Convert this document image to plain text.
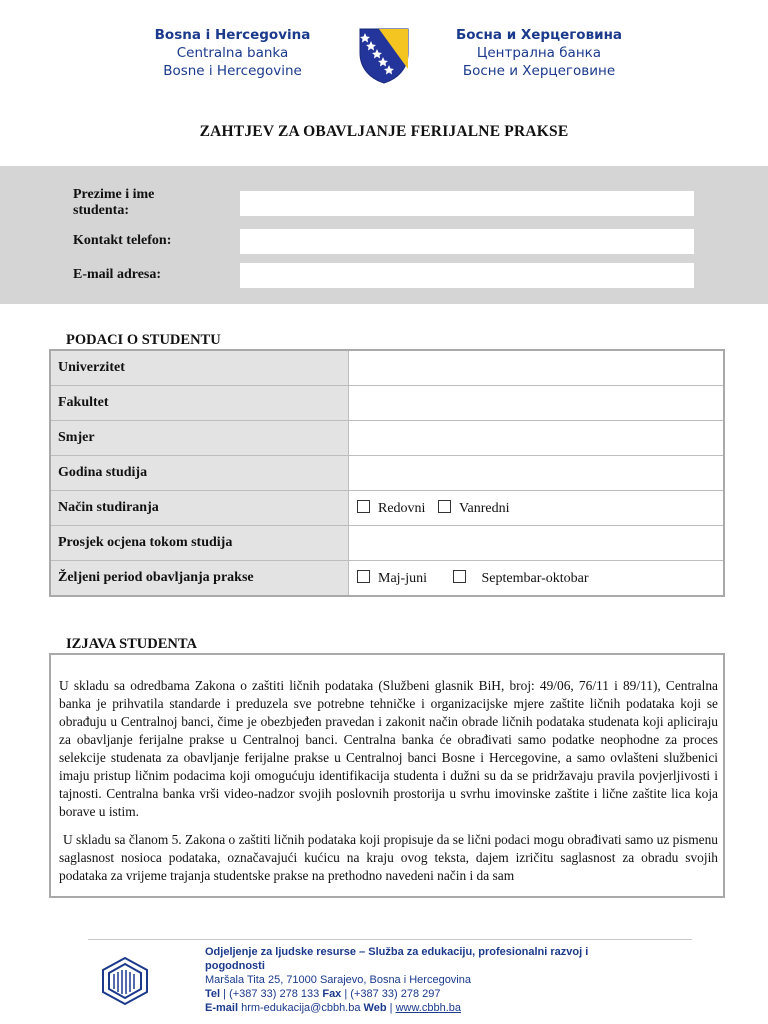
Bosna i Hercegovina
Centralna banka
Bosne i Hercegovine
Босна и Херцеговина
Централна банка
Босне и Херцеговине
ZAHTJEV ZA OBAVLJANJE FERIJALNE PRAKSE
Prezime i ime
studenta:
Kontakt telefon:
E-mail adresa:
PODACI O STUDENTU
Univerzitet	
Fakultet	
Smjer	
Godina studija	
Način studiranja	Redovni Vanredni
Prosjek ocjena tokom studija	
Željeni period obavljanja prakse	Maj-juni Septembar-oktobar
IZJAVA STUDENTA

U skladu sa odredbama Zakona o zaštiti ličnih podataka (Službeni glasnik BiH, broj: 49/06, 76/11 i 89/11), Centralna banka je prihvatila standarde i preduzela sve potrebne tehničke i organizacijske mjere zaštite ličnih podataka koji se obrađuju u Centralnoj banci, čime je obezbjeđen pravedan i zakonit način obrade ličnih podataka studenata koji apliciraju za obavljanje ferijalne prakse u Centralnoj banci. Centralna banka će obrađivati samo podatke neophodne za proces selekcije studenata za obavljanje ferijalne prakse u Centralnoj banci Bosne i Hercegovine, a samo ovlašteni službenici imaju pristup ličnim podacima koji omogućuju identifikacija studenta i dužni su da se pridržavaju pravila povjerljivosti i tajnosti. Centralna banka vrši video-nadzor svojih poslovnih prostorija u svrhu imovinske zaštite i lične zaštite lica koja borave u istim.

U skladu sa članom 5. Zakona o zaštiti ličnih podataka koji propisuje da se lični podaci mogu obrađivati samo uz pismenu saglasnost nosioca podataka, označavajući kućicu na kraju ovog teksta, dajem izričitu saglasnost za obradu svojih podataka za vrijeme trajanja studentske prakse na prethodno navedeni način i da sam

Odjeljenje za ljudske resurse – Služba za edukaciju, profesionalni razvoj i pogodnosti
Maršala Tita 25, 71000 Sarajevo, Bosna i Hercegovina
Tel | (+387 33) 278 133 Fax | (+387 33) 278 297
E-mail hrm-edukacija@cbbh.ba Web | www.cbbh.ba
